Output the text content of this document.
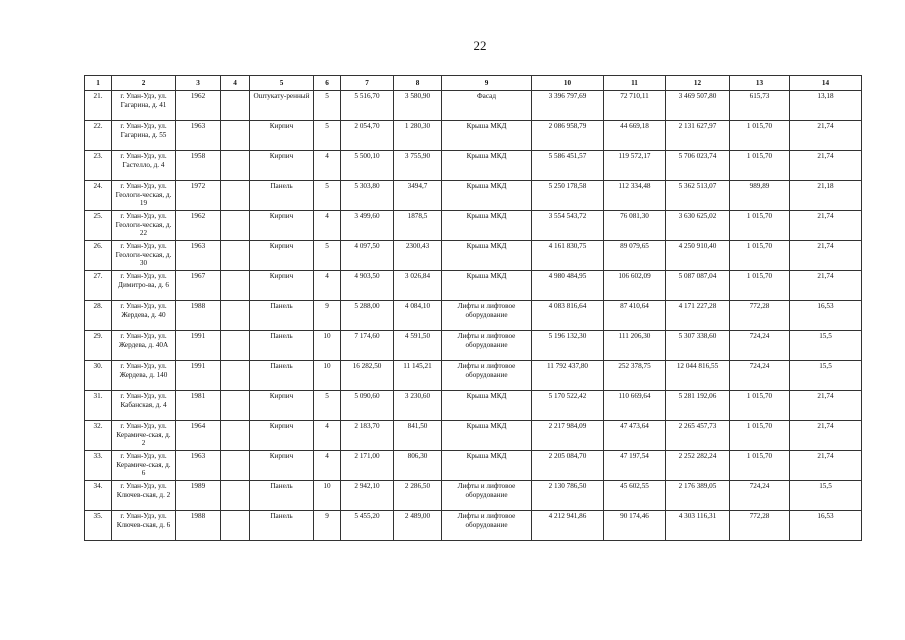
22
1	2	3	4	5	6	7	8	9	10	11	12	13	14
21.	г. Улан-Удэ, ул. Гагарина, д. 41	1962		Оштукату-ренный	5	5 516,70	3 580,90	Фасад	3 396 797,69	72 710,11	3 469 507,80	615,73	13,18
22.	г. Улан-Удэ, ул. Гагарина, д. 55	1963		Кирпич	5	2 054,70	1 280,30	Крыша МКД	2 086 958,79	44 669,18	2 131 627,97	1 015,70	21,74
23.	г. Улан-Удэ, ул. Гастелло, д. 4	1958		Кирпич	4	5 500,10	3 755,90	Крыша МКД	5 586 451,57	119 572,17	5 706 023,74	1 015,70	21,74
24.	г. Улан-Удэ, ул. Геологи-ческая, д. 19	1972		Панель	5	5 303,80	3494,7	Крыша МКД	5 250 178,58	112 334,48	5 362 513,07	989,89	21,18
25.	г. Улан-Удэ, ул. Геологи-ческая, д. 22	1962		Кирпич	4	3 499,60	1878,5	Крыша МКД	3 554 543,72	76 081,30	3 630 625,02	1 015,70	21,74
26.	г. Улан-Удэ, ул. Геологи-ческая, д. 30	1963		Кирпич	5	4 097,50	2300,43	Крыша МКД	4 161 830,75	89 079,65	4 250 910,40	1 015,70	21,74
27.	г. Улан-Удэ, ул. Димитро-ва, д. 6	1967		Кирпич	4	4 903,50	3 026,84	Крыша МКД	4 980 484,95	106 602,09	5 087 087,04	1 015,70	21,74
28.	г. Улан-Удэ, ул. Жердева, д. 40	1988		Панель	9	5 288,00	4 084,10	Лифты и лифтовое оборудование	4 083 816,64	87 410,64	4 171 227,28	772,28	16,53
29.	г. Улан-Удэ, ул. Жердева, д. 40А	1991		Панель	10	7 174,60	4 591,50	Лифты и лифтовое оборудование	5 196 132,30	111 206,30	5 307 338,60	724,24	15,5
30.	г. Улан-Удэ, ул. Жердева, д. 140	1991		Панель	10	16 282,50	11 145,21	Лифты и лифтовое оборудование	11 792 437,80	252 378,75	12 044 816,55	724,24	15,5
31.	г. Улан-Удэ, ул. Кабанская, д. 4	1981		Кирпич	5	5 090,60	3 230,60	Крыша МКД	5 170 522,42	110 669,64	5 281 192,06	1 015,70	21,74
32.	г. Улан-Удэ, ул. Керамиче-ская, д. 2	1964		Кирпич	4	2 183,70	841,50	Крыша МКД	2 217 984,09	47 473,64	2 265 457,73	1 015,70	21,74
33.	г. Улан-Удэ, ул. Керамиче-ская, д. 6	1963		Кирпич	4	2 171,00	806,30	Крыша МКД	2 205 084,70	47 197,54	2 252 282,24	1 015,70	21,74
34.	г. Улан-Удэ, ул. Ключев-ская, д. 2	1989		Панель	10	2 942,10	2 286,50	Лифты и лифтовое оборудование	2 130 786,50	45 602,55	2 176 389,05	724,24	15,5
35.	г. Улан-Удэ, ул. Ключев-ская, д. 6	1988		Панель	9	5 455,20	2 489,00	Лифты и лифтовое оборудование	4 212 941,86	90 174,46	4 303 116,31	772,28	16,53
